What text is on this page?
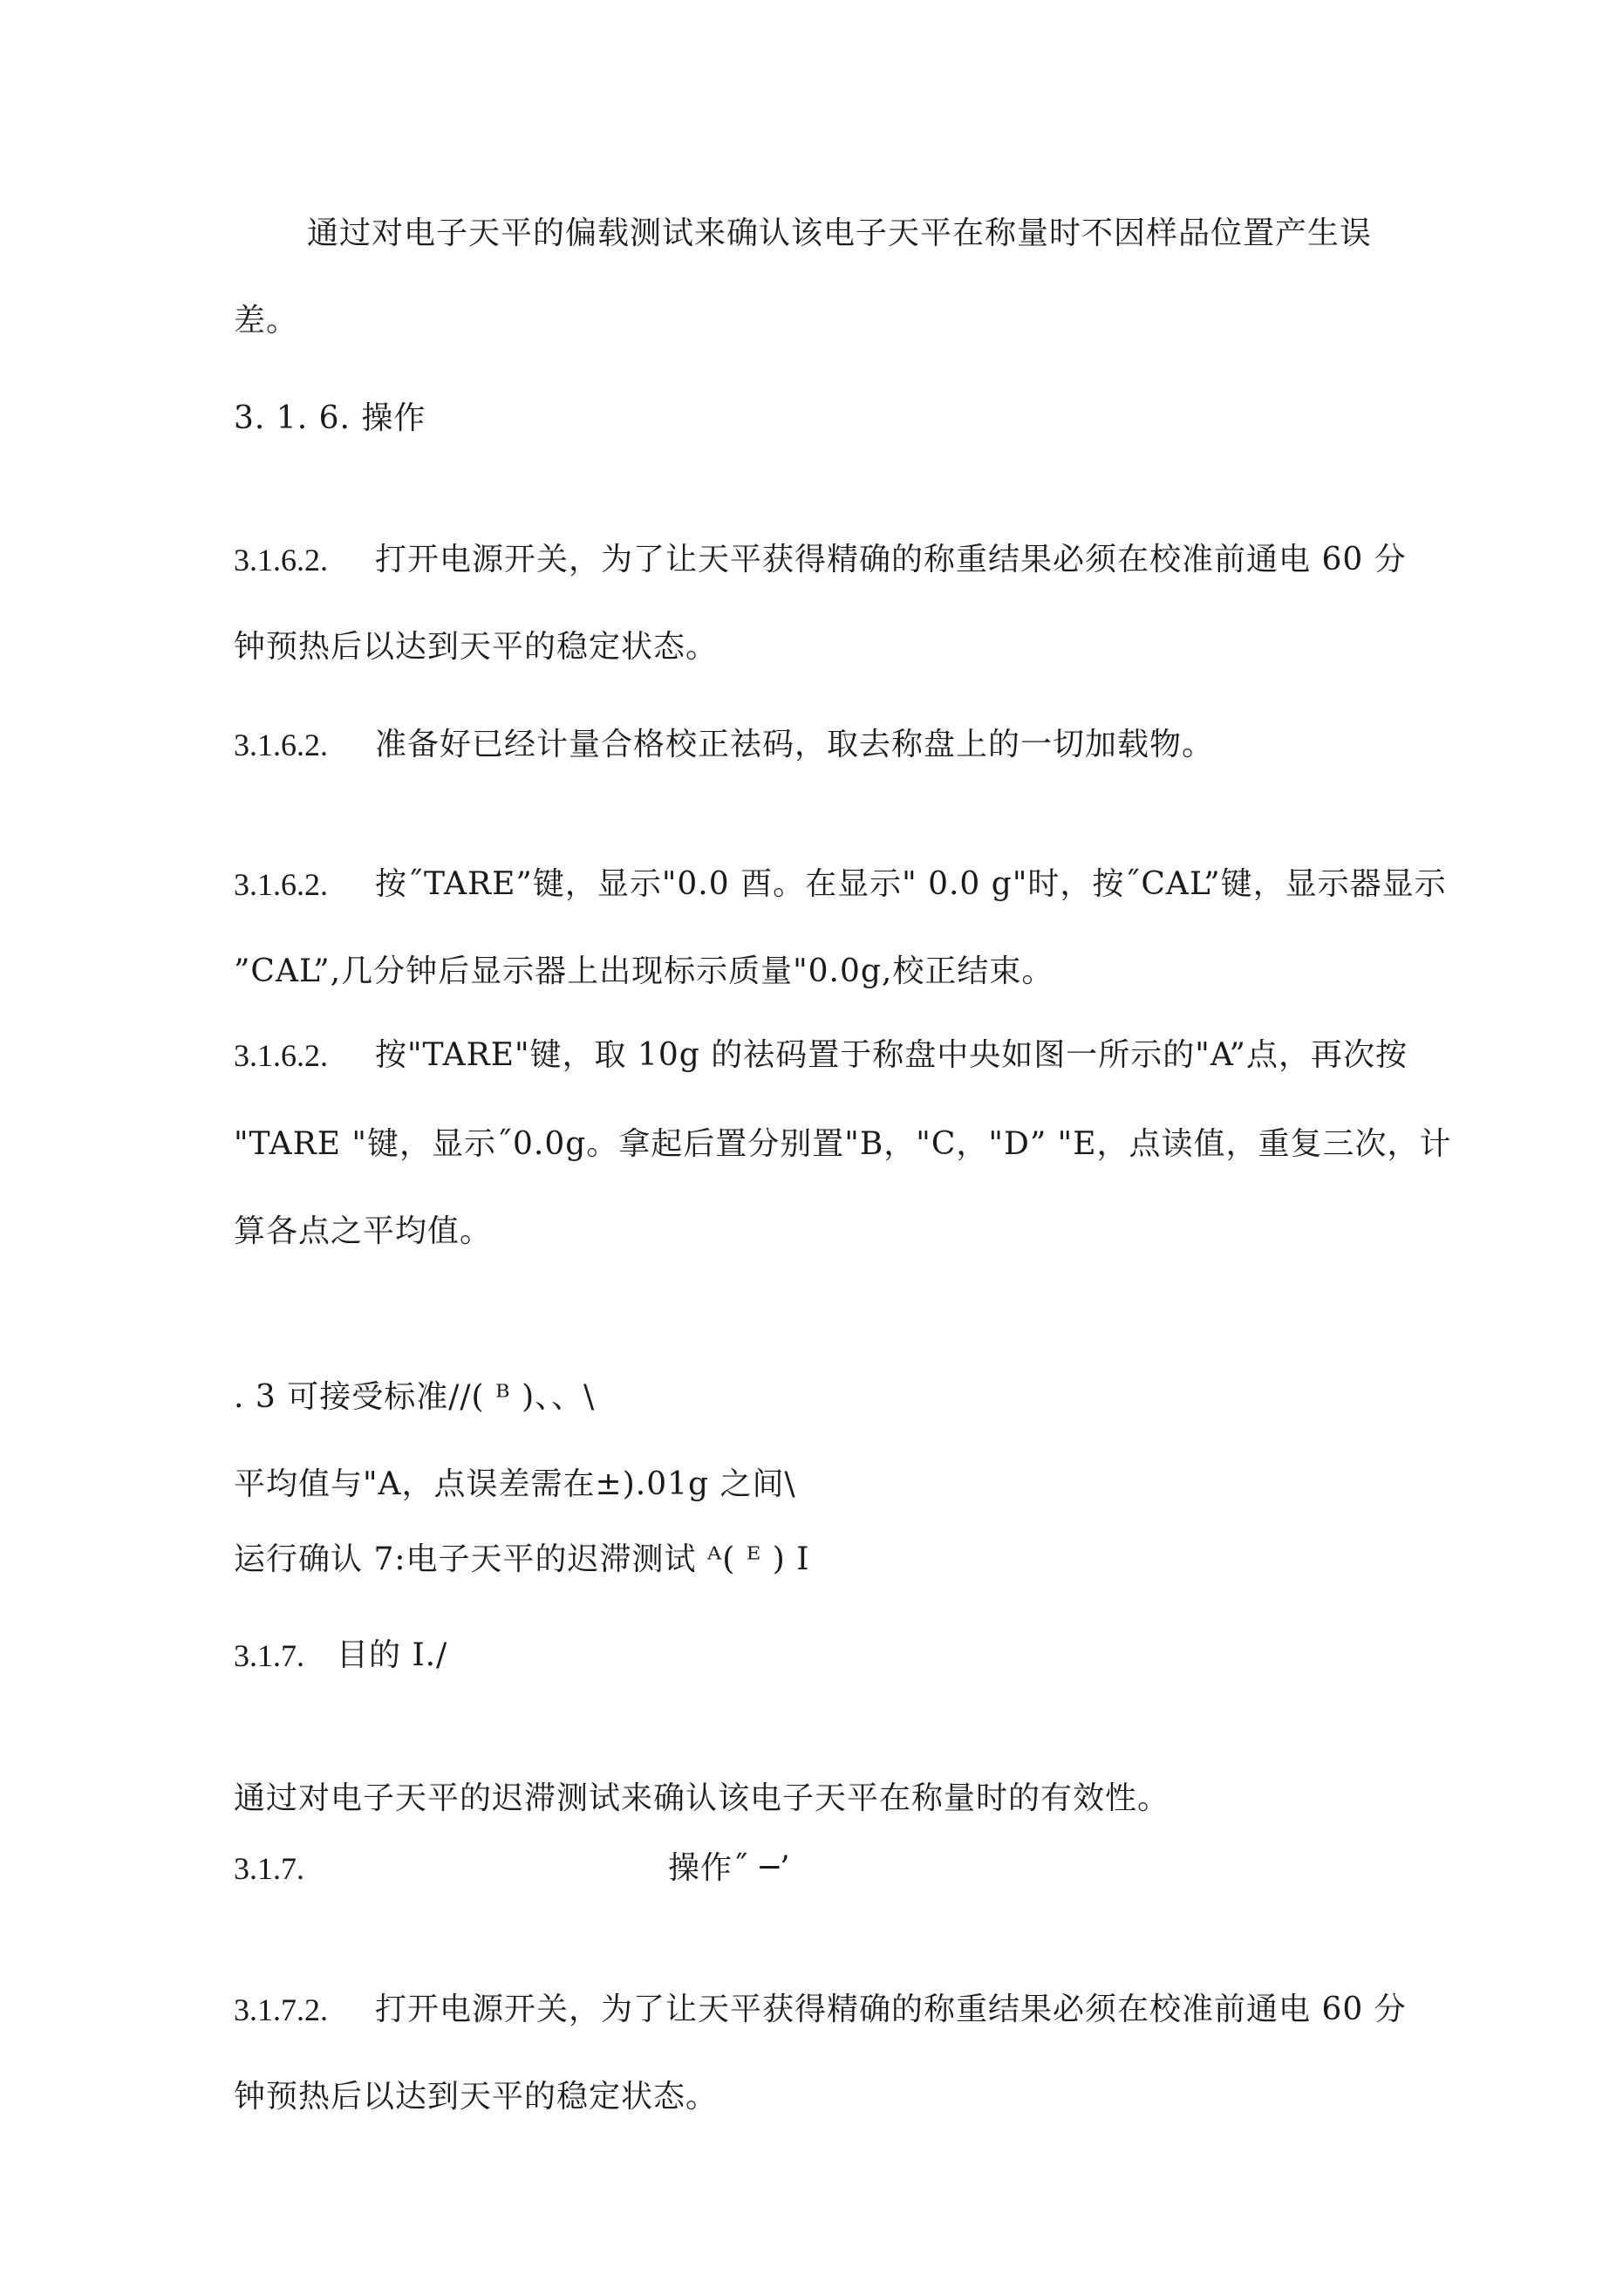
通过对电子天平的偏载测试来确认该电子天平在称量时不因样品位置产生误
差。
3. 1. 6. 操作
3.1.6.2. 打开电源开关，为了让天平获得精确的称重结果必须在校准前通电 60 分
钟预热后以达到天平的稳定状态。
3.1.6.2. 准备好已经计量合格校正祛码，取去称盘上的一切加载物。
3.1.6.2. 按˝TARE”键，显示"0.0 酉。在显示" 0.0 g"时，按˝CAL”键，显示器显示
”CAL”,几分钟后显示器上出现标示质量"0.0g,校正结束。
3.1.6.2. 按"TARE"键，取 10g 的祛码置于称盘中央如图一所示的"A”点，再次按
"TARE "键，显示˝0.0g。拿起后置分别置"B，"C，"D” "E，点读值，重复三次，计
算各点之平均值。
. 3 可接受标准//( ᴮ )、、\
平均值与"A，点误差需在±).01g 之间\
运行确认 7:电子天平的迟滞测试 ᴬ( ᴱ ) I
3.1.7. 目的 I./
通过对电子天平的迟滞测试来确认该电子天平在称量时的有效性。
3.1.7.	操作˝ ─’
3.1.7.2. 打开电源开关，为了让天平获得精确的称重结果必须在校准前通电 60 分
钟预热后以达到天平的稳定状态。
